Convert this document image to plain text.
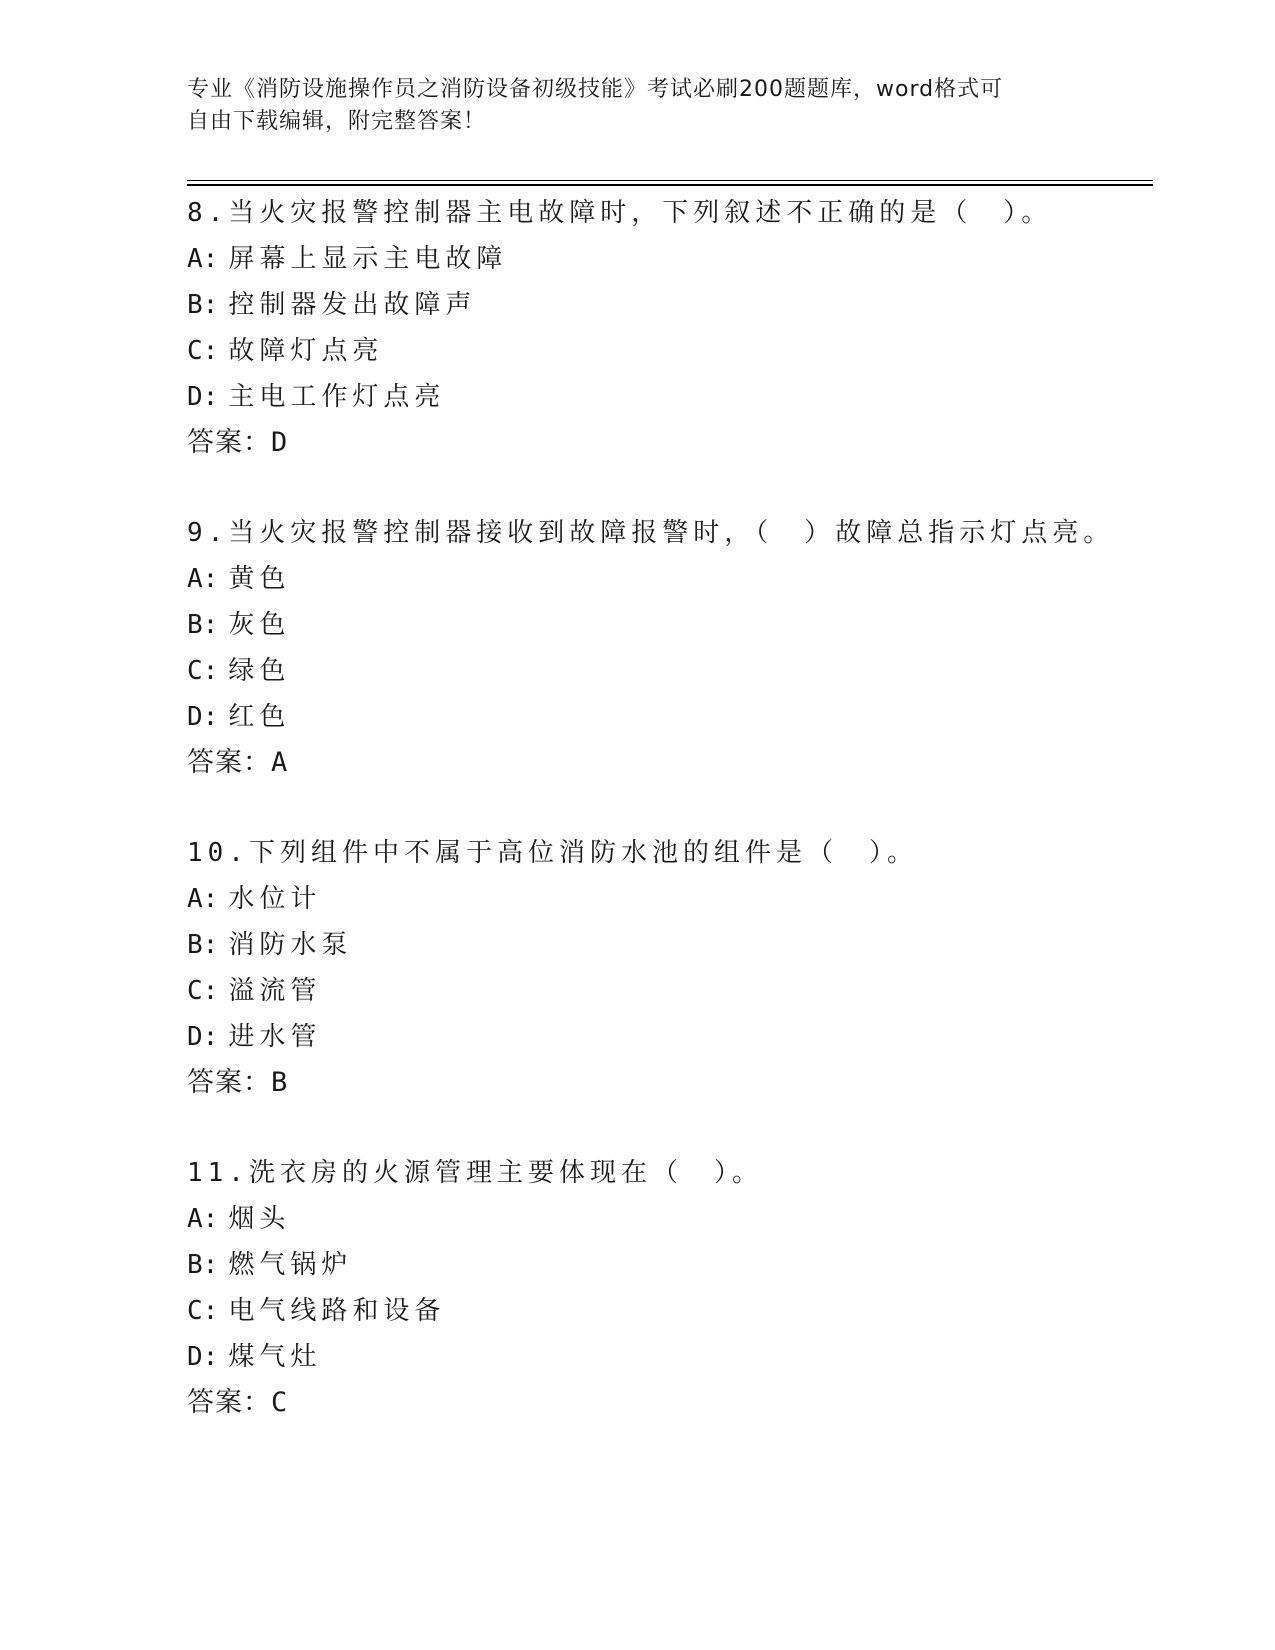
专业《消防设施操作员之消防设备初级技能》考试必刷200题题库，word格式可
自由下载编辑，附完整答案！
8.当火灾报警控制器主电故障时，下列叙述不正确的是（　）。
A: 屏幕上显示主电故障
B: 控制器发出故障声
C: 故障灯点亮
D: 主电工作灯点亮
答案：D
9.当火灾报警控制器接收到故障报警时，（　）故障总指示灯点亮。
A: 黄色
B: 灰色
C: 绿色
D: 红色
答案：A
10.下列组件中不属于高位消防水池的组件是（　）。
A: 水位计
B: 消防水泵
C: 溢流管
D: 进水管
答案：B
11.洗衣房的火源管理主要体现在（　）。
A: 烟头
B: 燃气锅炉
C: 电气线路和设备
D: 煤气灶
答案：C
